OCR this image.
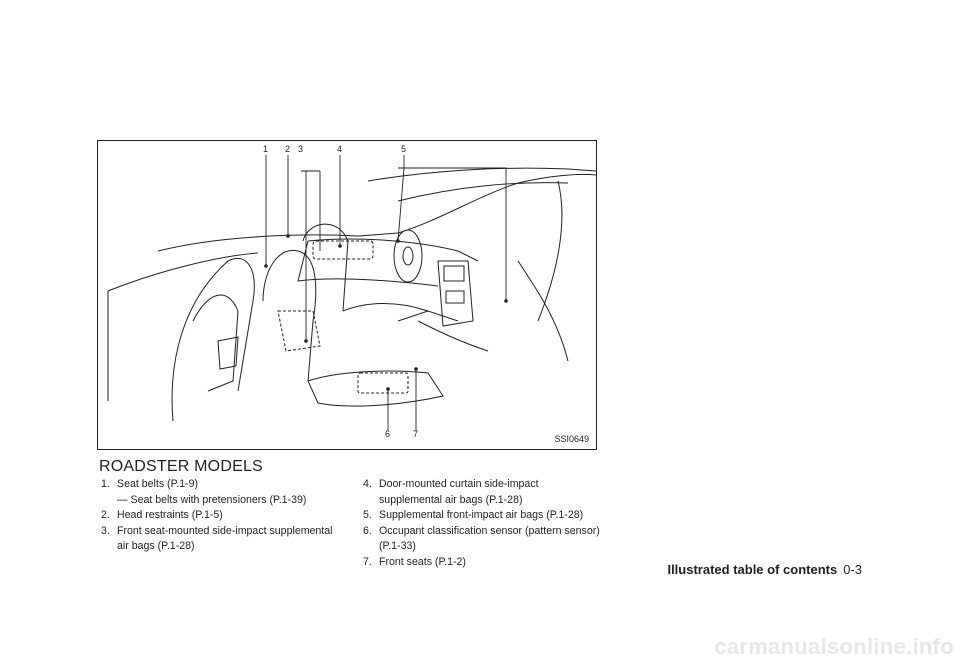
1 2 3	4	5
6	7	SSI0649
ROADSTER MODELS
1. Seat belts (P.1-9)
— Seat belts with pretensioners (P.1-39)
2. Head restraints (P.1-5)
3. Front seat-mounted side-impact supplemental air bags (P.1-28)
4. Door-mounted curtain side-impact supplemental air bags (P.1-28)
5. Supplemental front-impact air bags (P.1-28)
6. Occupant classification sensor (pattern sensor) (P.1-33)
7. Front seats (P.1-2)
Illustrated table of contents 0-3
carmanualsonline.info
